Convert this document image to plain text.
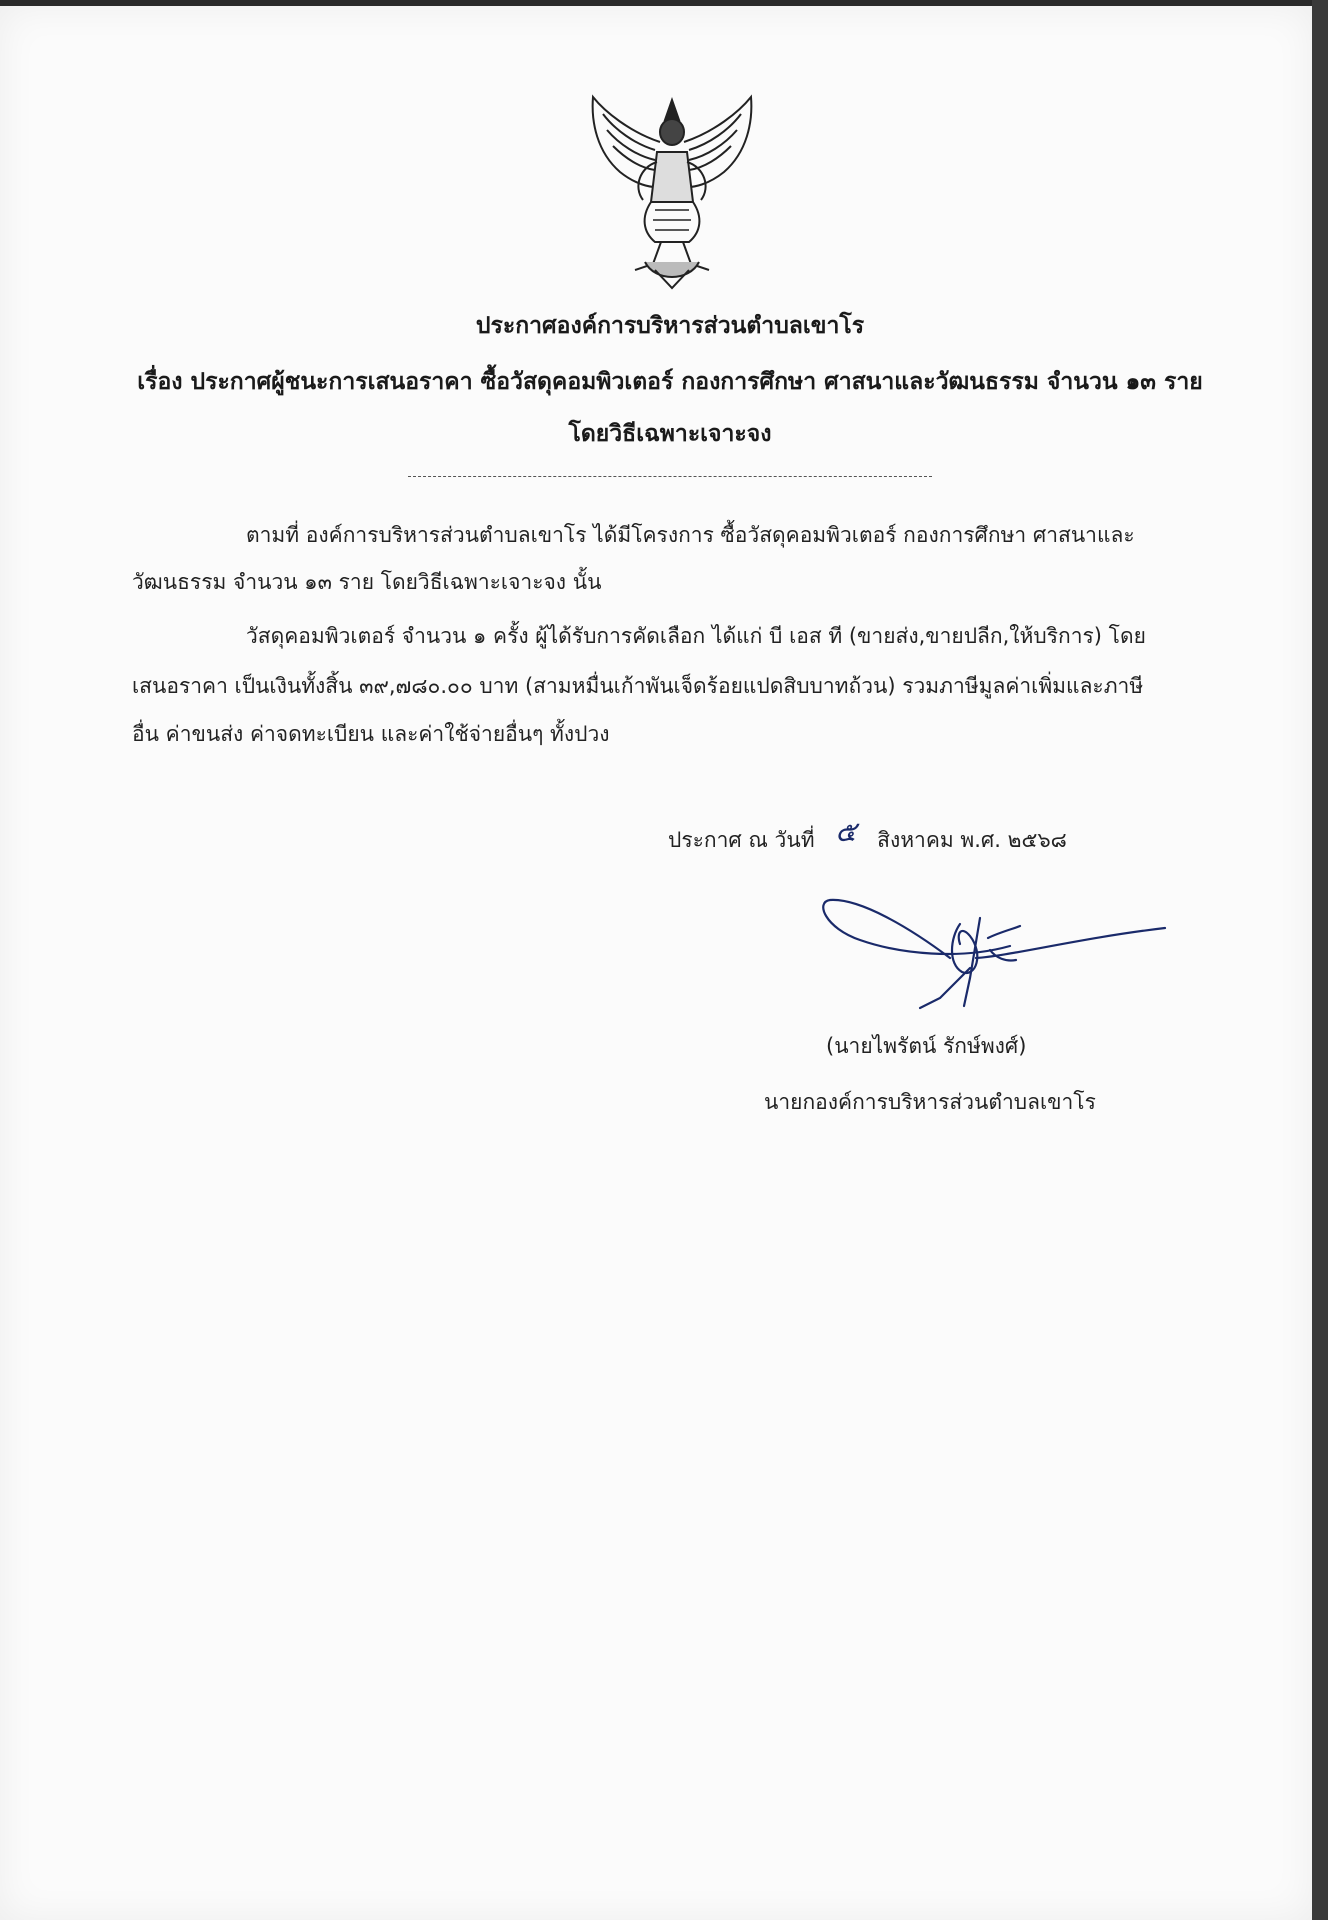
ประกาศองค์การบริหารส่วนตำบลเขาโร
เรื่อง ประกาศผู้ชนะการเสนอราคา ซื้อวัสดุคอมพิวเตอร์ กองการศึกษา ศาสนาและวัฒนธรรม จำนวน ๑๓ ราย
โดยวิธีเฉพาะเจาะจง
ตามที่ องค์การบริหารส่วนตำบลเขาโร ได้มีโครงการ ซื้อวัสดุคอมพิวเตอร์ กองการศึกษา ศาสนาและ
วัฒนธรรม จำนวน ๑๓ ราย โดยวิธีเฉพาะเจาะจง นั้น
วัสดุคอมพิวเตอร์ จำนวน ๑ ครั้ง ผู้ได้รับการคัดเลือก ได้แก่ บี เอส ที (ขายส่ง,ขายปลีก,ให้บริการ) โดย
เสนอราคา เป็นเงินทั้งสิ้น ๓๙,๗๘๐.๐๐ บาท (สามหมื่นเก้าพันเจ็ดร้อยแปดสิบบาทถ้วน) รวมภาษีมูลค่าเพิ่มและภาษี
อื่น ค่าขนส่ง ค่าจดทะเบียน และค่าใช้จ่ายอื่นๆ ทั้งปวง
ประกาศ ณ วันที่ ๕ สิงหาคม พ.ศ. ๒๕๖๘
(นายไพรัตน์ รักษ์พงศ์)
นายกองค์การบริหารส่วนตำบลเขาโร
